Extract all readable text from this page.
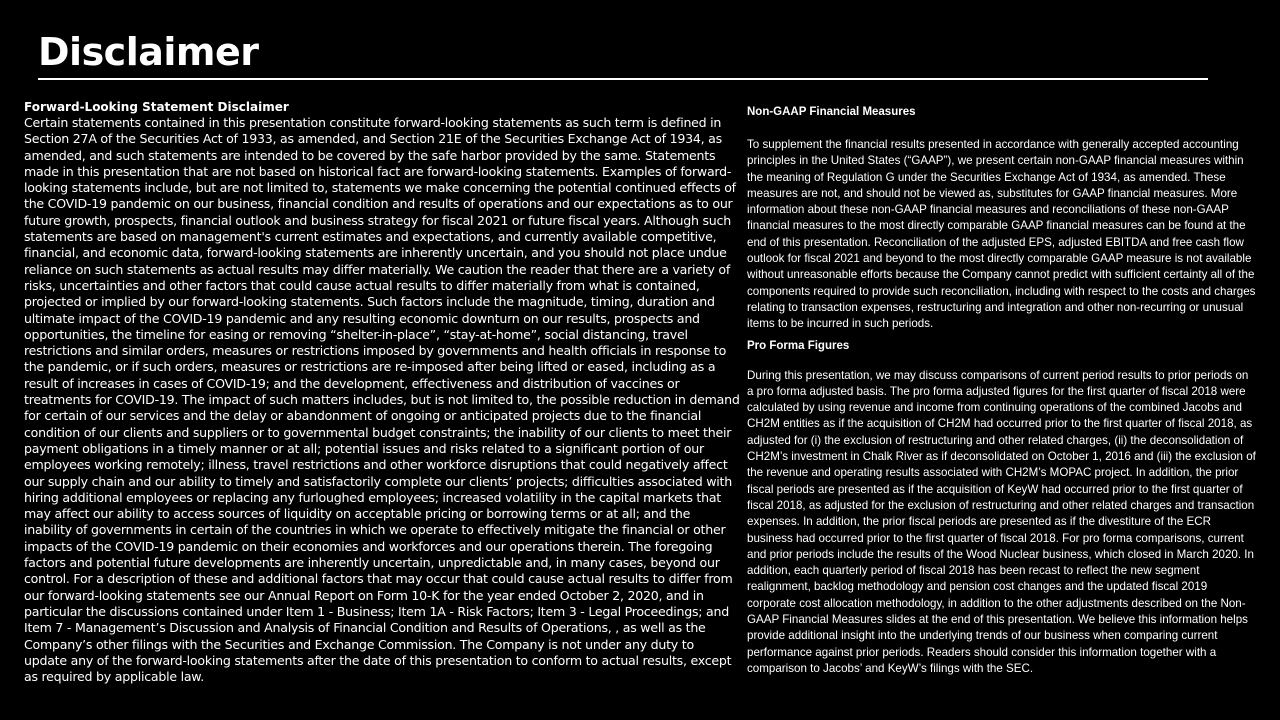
Disclaimer

Forward-Looking Statement Disclaimer

Certain statements contained in this presentation constitute forward-looking statements as such term is defined in Section 27A of the Securities Act of 1933, as amended, and Section 21E of the Securities Exchange Act of 1934, as amended, and such statements are intended to be covered by the safe harbor provided by the same. Statements made in this presentation that are not based on historical fact are forward-looking statements. Examples of forward-looking statements include, but are not limited to, statements we make concerning the potential continued effects of the COVID-19 pandemic on our business, financial condition and results of operations and our expectations as to our future growth, prospects, financial outlook and business strategy for fiscal 2021 or future fiscal years. Although such statements are based on management's current estimates and expectations, and currently available competitive, financial, and economic data, forward-looking statements are inherently uncertain, and you should not place undue reliance on such statements as actual results may differ materially. We caution the reader that there are a variety of risks, uncertainties and other factors that could cause actual results to differ materially from what is contained, projected or implied by our forward-looking statements. Such factors include the magnitude, timing, duration and ultimate impact of the COVID-19 pandemic and any resulting economic downturn on our results, prospects and opportunities, the timeline for easing or removing “shelter-in-place”, “stay-at-home”, social distancing, travel restrictions and similar orders, measures or restrictions imposed by governments and health officials in response to the pandemic, or if such orders, measures or restrictions are re-imposed after being lifted or eased, including as a result of increases in cases of COVID-19; and the development, effectiveness and distribution of vaccines or treatments for COVID-19. The impact of such matters includes, but is not limited to, the possible reduction in demand for certain of our services and the delay or abandonment of ongoing or anticipated projects due to the financial condition of our clients and suppliers or to governmental budget constraints; the inability of our clients to meet their payment obligations in a timely manner or at all; potential issues and risks related to a significant portion of our employees working remotely; illness, travel restrictions and other workforce disruptions that could negatively affect our supply chain and our ability to timely and satisfactorily complete our clients’ projects; difficulties associated with hiring additional employees or replacing any furloughed employees; increased volatility in the capital markets that may affect our ability to access sources of liquidity on acceptable pricing or borrowing terms or at all; and the inability of governments in certain of the countries in which we operate to effectively mitigate the financial or other impacts of the COVID-19 pandemic on their economies and workforces and our operations therein. The foregoing factors and potential future developments are inherently uncertain, unpredictable and, in many cases, beyond our control. For a description of these and additional factors that may occur that could cause actual results to differ from our forward-looking statements see our Annual Report on Form 10-K for the year ended October 2, 2020, and in particular the discussions contained under Item 1 - Business; Item 1A - Risk Factors; Item 3 - Legal Proceedings; and Item 7 - Management’s Discussion and Analysis of Financial Condition and Results of Operations, , as well as the Company’s other filings with the Securities and Exchange Commission. The Company is not under any duty to update any of the forward-looking statements after the date of this presentation to conform to actual results, except as required by applicable law.

Non-GAAP Financial Measures

To supplement the financial results presented in accordance with generally accepted accounting principles in the United States (“GAAP”), we present certain non-GAAP financial measures within the meaning of Regulation G under the Securities Exchange Act of 1934, as amended. These measures are not, and should not be viewed as, substitutes for GAAP financial measures. More information about these non-GAAP financial measures and reconciliations of these non-GAAP financial measures to the most directly comparable GAAP financial measures can be found at the end of this presentation. Reconciliation of the adjusted EPS, adjusted EBITDA and free cash flow outlook for fiscal 2021 and beyond to the most directly comparable GAAP measure is not available without unreasonable efforts because the Company cannot predict with sufficient certainty all of the components required to provide such reconciliation, including with respect to the costs and charges relating to transaction expenses, restructuring and integration and other non-recurring or unusual items to be incurred in such periods.

Pro Forma Figures

During this presentation, we may discuss comparisons of current period results to prior periods on a pro forma adjusted basis. The pro forma adjusted figures for the first quarter of fiscal 2018 were calculated by using revenue and income from continuing operations of the combined Jacobs and CH2M entities as if the acquisition of CH2M had occurred prior to the first quarter of fiscal 2018, as adjusted for (i) the exclusion of restructuring and other related charges, (ii) the deconsolidation of CH2M’s investment in Chalk River as if deconsolidated on October 1, 2016 and (iii) the exclusion of the revenue and operating results associated with CH2M’s MOPAC project. In addition, the prior fiscal periods are presented as if the acquisition of KeyW had occurred prior to the first quarter of fiscal 2018, as adjusted for the exclusion of restructuring and other related charges and transaction expenses. In addition, the prior fiscal periods are presented as if the divestiture of the ECR business had occurred prior to the first quarter of fiscal 2018. For pro forma comparisons, current and prior periods include the results of the Wood Nuclear business, which closed in March 2020. In addition, each quarterly period of fiscal 2018 has been recast to reflect the new segment realignment, backlog methodology and pension cost changes and the updated fiscal 2019 corporate cost allocation methodology, in addition to the other adjustments described on the Non-GAAP Financial Measures slides at the end of this presentation. We believe this information helps provide additional insight into the underlying trends of our business when comparing current performance against prior periods. Readers should consider this information together with a comparison to Jacobs’ and KeyW’s filings with the SEC.
